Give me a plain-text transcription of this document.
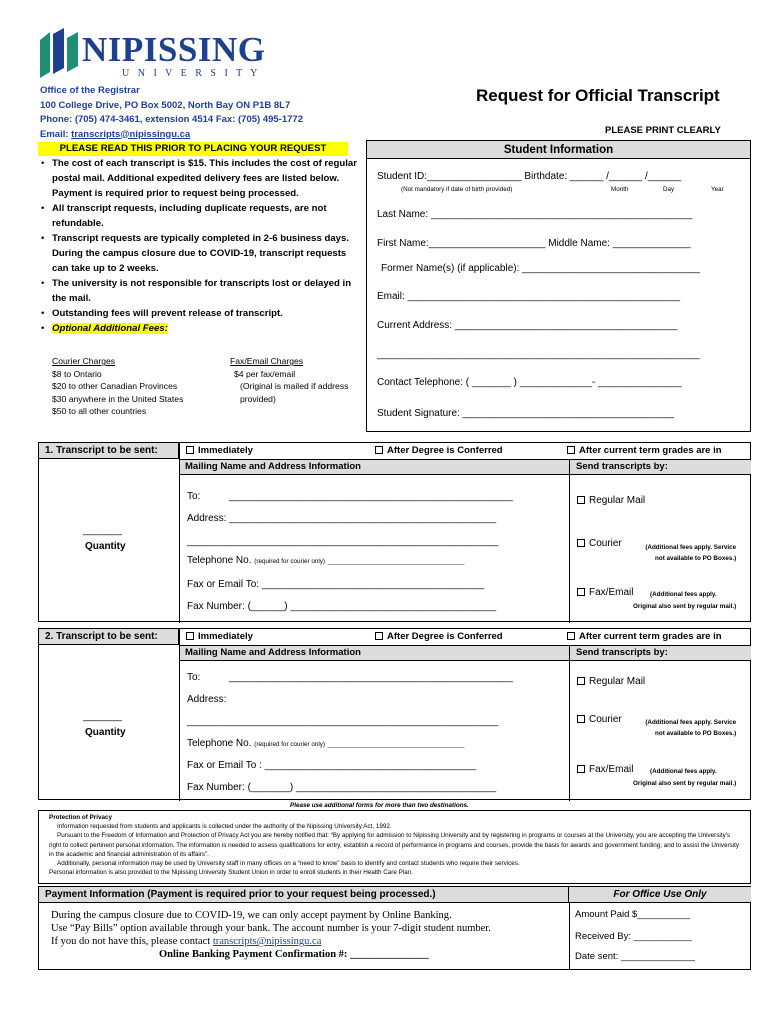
NIPISSING
U N I V E R S I T Y
Office of the Registrar
100 College Drive, PO Box 5002, North Bay ON P1B 8L7
Phone: (705) 474-3461, extension 4514 Fax: (705) 495-1772
Email: transcripts@nipissingu.ca
Request for Official Transcript
PLEASE PRINT CLEARLY
PLEASE READ THIS PRIOR TO PLACING YOUR REQUEST
• The cost of each transcript is $15. This includes the cost of regular postal mail. Additional expedited delivery fees are listed below. Payment is required prior to request being processed.
• All transcript requests, including duplicate requests, are not refundable.
• Transcript requests are typically completed in 2-6 business days. During the campus closure due to COVID-19, transcript requests can take up to 2 weeks.
• The university is not responsible for transcripts lost or delayed in the mail.
• Outstanding fees will prevent release of transcript.
• Optional Additional Fees:
Courier Charges
$8 to Ontario
$20 to other Canadian Provinces
$30 anywhere in the United States
$50 to all other countries
Fax/Email Charges
$4 per fax/email
(Original is mailed if address
provided)
Student Information
Student ID:_________________ Birthdate: ______ /______ /______
(Not mandatory if date of birth provided)	Month	Day	Year
Last Name: _______________________________________________
First Name:_____________________ Middle Name: ______________
Former Name(s) (if applicable): ________________________________
Email: _________________________________________________
Current Address: ________________________________________
__________________________________________________________
Contact Telephone: ( _______ ) _____________- _______________
Student Signature: ______________________________________
1. Transcript to be sent:	Immediately	After Degree is Conferred	After current term grades are in
Mailing Name and Address Information	Send transcripts by:
_______
Quantity
To:	___________________________________________________
Address: ________________________________________________
________________________________________________________
Telephone No. (required for courier only) _______________________________________
Fax or Email To: ________________________________________
Fax Number: (______) _____________________________________
Regular Mail
Courier	(Additional fees apply. Service
not available to PO Boxes.)
Fax/Email	(Additional fees apply.
Original also sent by regular mail.)
2. Transcript to be sent:	Immediately	After Degree is Conferred	After current term grades are in
Mailing Name and Address Information	Send transcripts by:
_______
Quantity
To:	___________________________________________________
Address:
________________________________________________________
Telephone No. (required for courier only) _______________________________________
Fax or Email To : ______________________________________
Fax Number: (_______) ____________________________________
Regular Mail
Courier	(Additional fees apply. Service
not available to PO Boxes.)
Fax/Email	(Additional fees apply.
Original also sent by regular mail.)
Please use additional forms for more than two destinations.
Protection of Privacy
Information requested from students and applicants is collected under the authority of the Nipissing University Act, 1992.
Pursuant to the Freedom of Information and Protection of Privacy Act you are hereby notified that: “By applying for admission to Nipissing University and by registering in programs or courses at the University, you are accepting the University's right to collect pertinent personal information. The information is needed to assess qualifications for entry, establish a record of performance in programs and courses, provide the basis for awards and government funding, and to assist the University in the academic and financial administration of its affairs”.
Additionally, personal information may be used by University staff in many offices on a “need to know” basis to identify and contact students who require their services.
Personal information is also provided to the Nipissing University Student Union in order to enroll students in their Health Care Plan.
Payment Information (Payment is required prior to your request being processed.)	For Office Use Only
During the campus closure due to COVID-19, we can only accept payment by Online Banking.
Use “Pay Bills” option available through your bank. The account number is your 7-digit student number.
If you do not have this, please contact transcripts@nipissingu.ca
Online Banking Payment Confirmation #: _______________
Amount Paid $__________
Received By: ___________
Date sent: ______________
